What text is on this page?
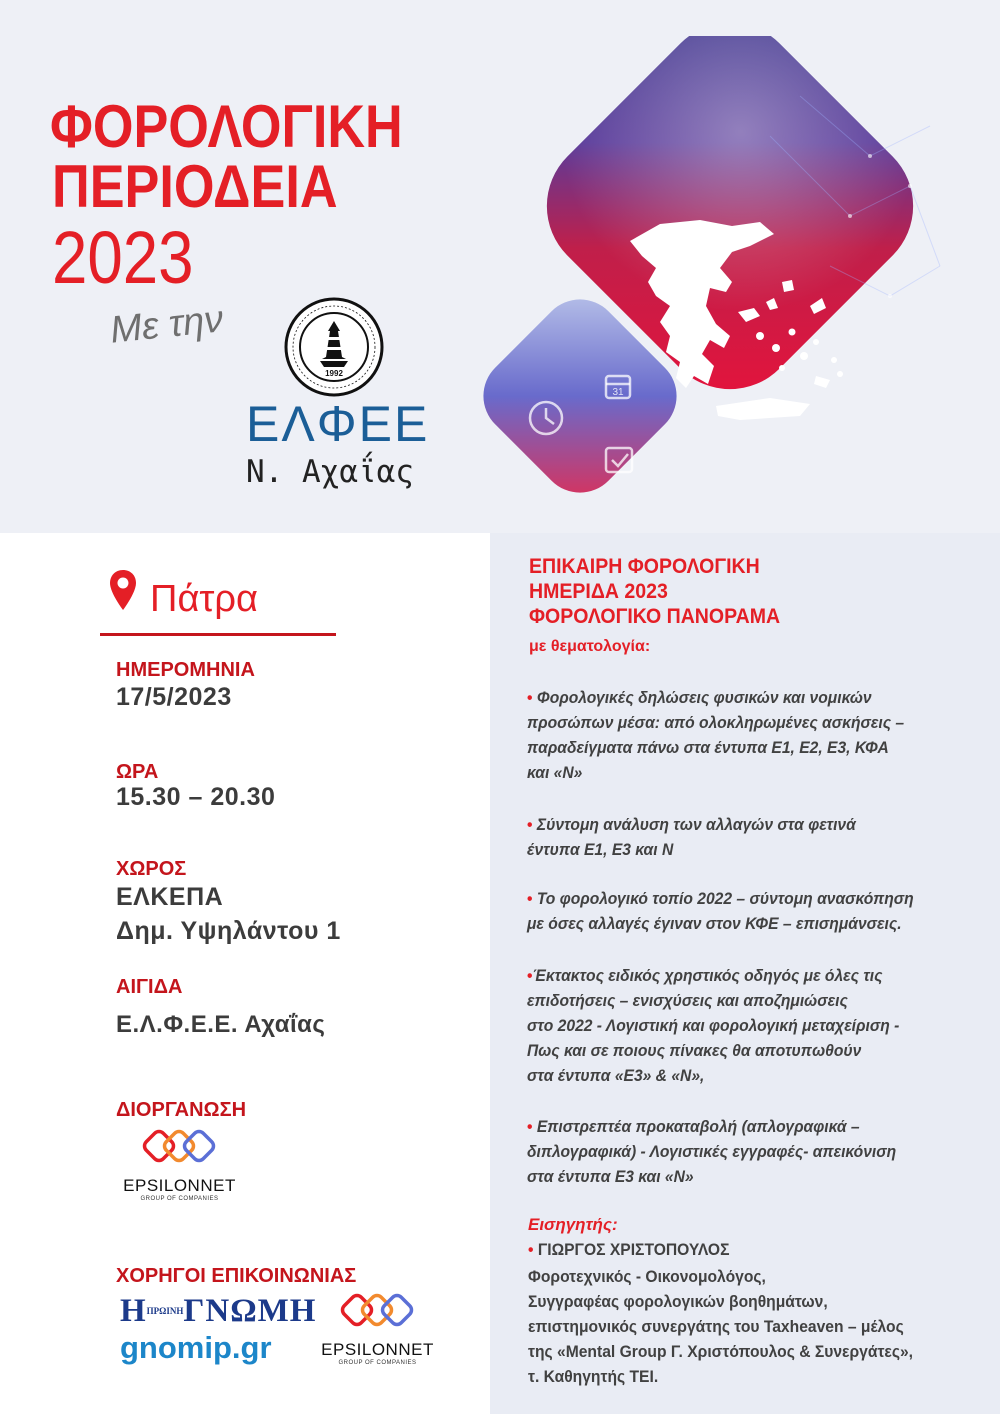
ΦΟΡΟΛΟΓΙΚΗ
ΠΕΡΙΟΔΕΙΑ
2023
Με την
1992
ΕΛΦΕΕ
Ν. Αχαΐας
31
Πάτρα
ΗΜΕΡΟΜΗΝΙΑ
17/5/2023
ΩΡΑ
15.30 – 20.30
ΧΩΡΟΣ
ΕΛΚΕΠΑ
Δημ. Υψηλάντου 1
ΑΙΓΙΔΑ
Ε.Λ.Φ.Ε.Ε. Αχαΐας
ΔΙΟΡΓΑΝΩΣΗ
EPSILONNET
GROUP OF COMPANIES
ΧΟΡΗΓΟΙ ΕΠΙΚΟΙΝΩΝΙΑΣ
$H^{\Pi P\Omega INH}\Gamma N\Omega MH$
gnomip.gr	EPSILONNET
GROUP OF COMPANIES
ΕΠΙΚΑΙΡΗ ΦΟΡΟΛΟΓΙΚΗ
ΗΜΕΡΙΔΑ 2023
ΦΟΡΟΛΟΓΙΚΟ ΠΑΝΟΡΑΜΑ
με θεματολογία:
• Φορολογικές δηλώσεις φυσικών και νομικών
προσώπων μέσα: από ολοκληρωμένες ασκήσεις –
παραδείγματα πάνω στα έντυπα Ε1, Ε2, Ε3, ΚΦΑ
και «Ν»
• Σύντομη ανάλυση των αλλαγών στα φετινά
έντυπα Ε1, Ε3 και Ν
• Το φορολογικό τοπίο 2022 – σύντομη ανασκόπηση
με όσες αλλαγές έγιναν στον ΚΦΕ – επισημάνσεις.
•Έκτακτος ειδικός χρηστικός οδηγός με όλες τις
επιδοτήσεις – ενισχύσεις και αποζημιώσεις
στο 2022 - Λογιστική και φορολογική μεταχείριση -
Πως και σε ποιους πίνακες θα αποτυπωθούν
στα έντυπα «Ε3» & «Ν»,
• Επιστρεπτέα προκαταβολή (απλογραφικά –
διπλογραφικά) - Λογιστικές εγγραφές- απεικόνιση
στα έντυπα Ε3 και «Ν»
Εισηγητής:
• ΓΙΩΡΓΟΣ ΧΡΙΣΤΟΠΟΥΛΟΣ
Φοροτεχνικός - Οικονομολόγος,
Συγγραφέας φορολογικών βοηθημάτων,
επιστημονικός συνεργάτης του Taxheaven – μέλος
της «Mental Group Γ. Χριστόπουλος & Συνεργάτες»,
τ. Καθηγητής ΤΕΙ.
